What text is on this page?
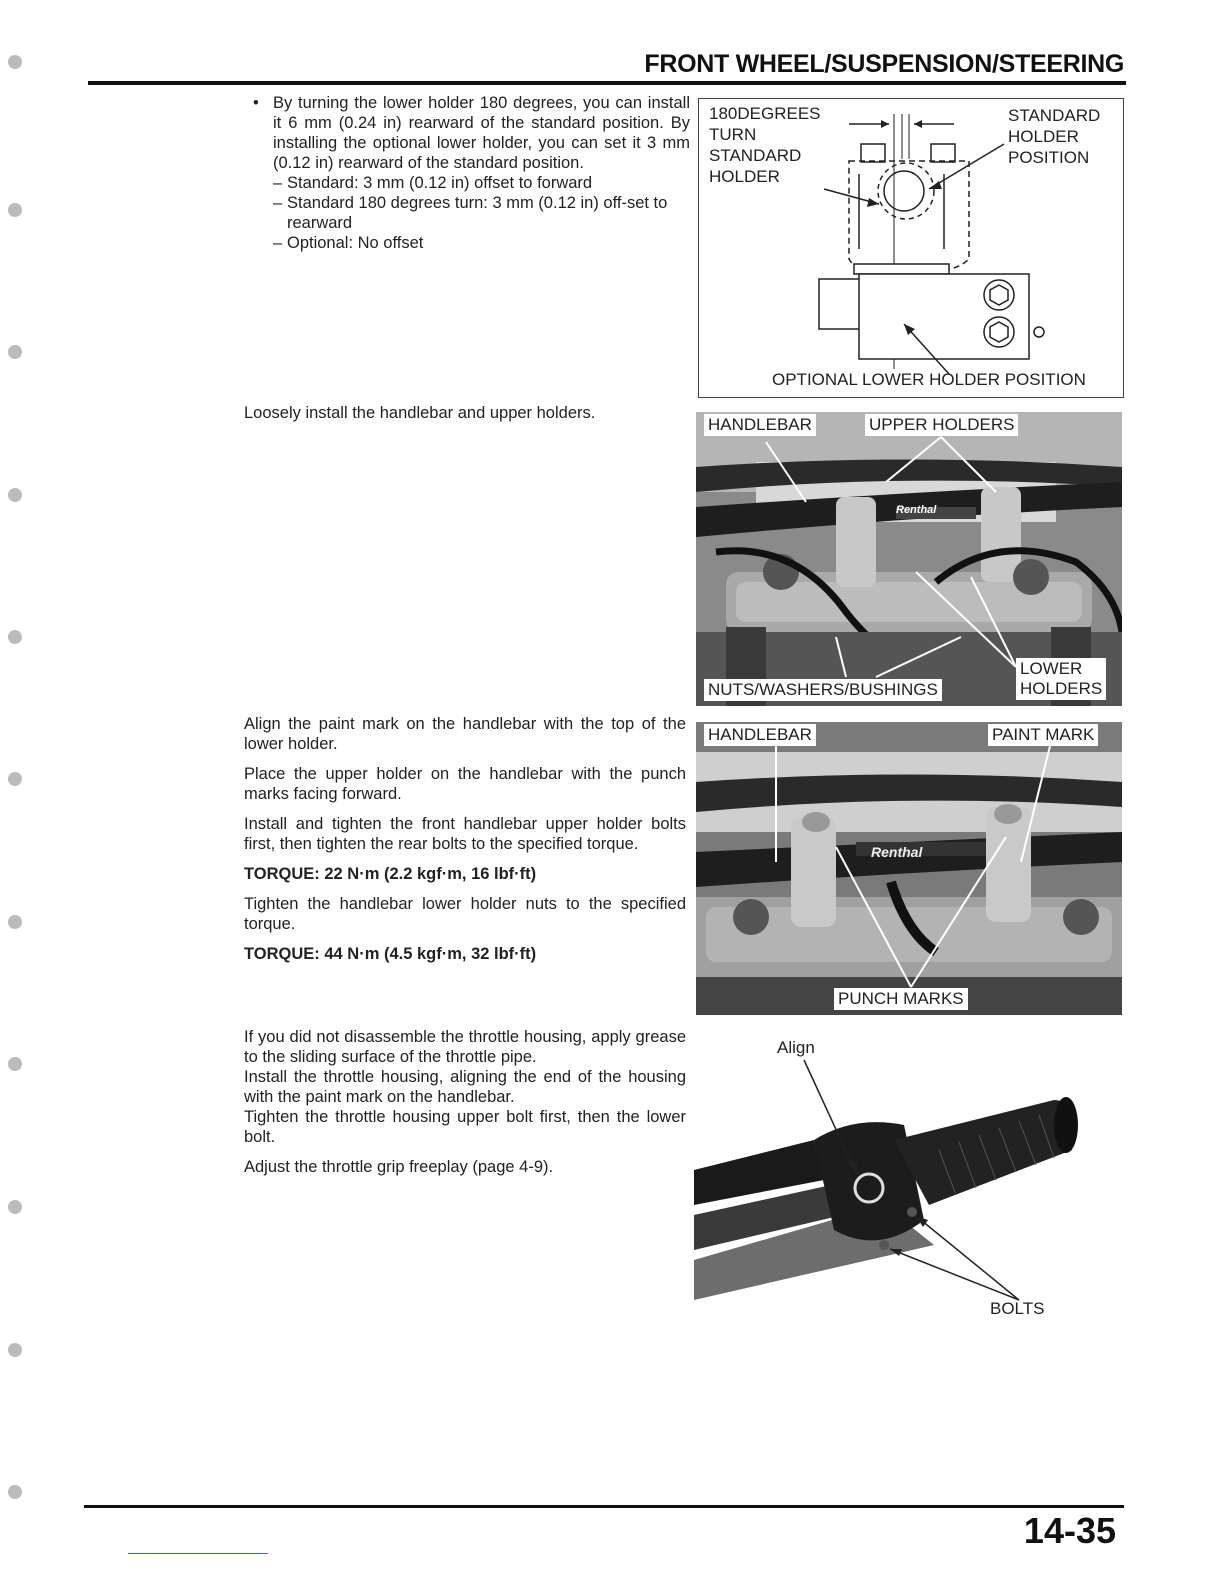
FRONT WHEEL/SUSPENSION/STEERING
• By turning the lower holder 180 degrees, you can install it 6 mm (0.24 in) rearward of the standard position. By installing the optional lower holder, you can set it 3 mm (0.12 in) rearward of the standard position.
– Standard: 3 mm (0.12 in) offset to forward
– Standard 180 degrees turn: 3 mm (0.12 in) off-set to rearward
– Optional: No offset

Loosely install the handlebar and upper holders.

Align the paint mark on the handlebar with the top of the lower holder.

Place the upper holder on the handlebar with the punch marks facing forward.

Install and tighten the front handlebar upper holder bolts first, then tighten the rear bolts to the specified torque.

TORQUE: 22 N·m (2.2 kgf·m, 16 lbf·ft)

Tighten the handlebar lower holder nuts to the specified torque.

TORQUE: 44 N·m (4.5 kgf·m, 32 lbf·ft)

If you did not disassemble the throttle housing, apply grease to the sliding surface of the throttle pipe.
Install the throttle housing, aligning the end of the housing with the paint mark on the handlebar.
Tighten the throttle housing upper bolt first, then the lower bolt.

Adjust the throttle grip freeplay (page 4-9).

180DEGREES
TURN
STANDARD
HOLDER
STANDARD
HOLDER
POSITION
OPTIONAL LOWER HOLDER POSITION
Renthal
HANDLEBAR	UPPER HOLDERS
NUTS/WASHERS/BUSHINGS
LOWER
HOLDERS
Renthal
HANDLEBAR	PAINT MARK
PUNCH MARKS
Align
BOLTS
14-35
